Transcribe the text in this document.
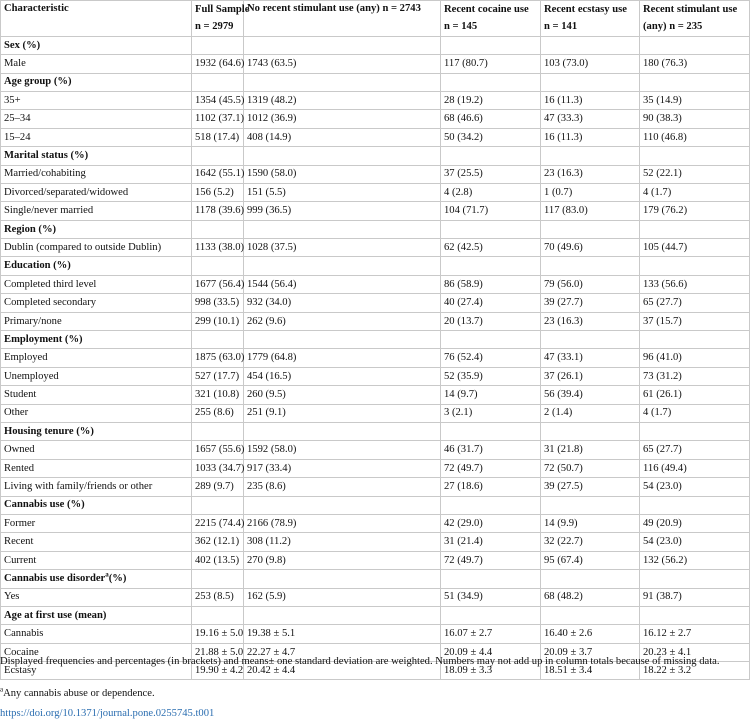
Characteristic	Full Sample	No recent stimulant use (any) n = 2743	Recent cocaine use	Recent ecstasy use	Recent stimulant use
	n = 2979		n = 145	n = 141	(any) n = 235
Sex (%)					
Male	1932 (64.6)	1743 (63.5)	117 (80.7)	103 (73.0)	180 (76.3)
Age group (%)					
35+	1354 (45.5)	1319 (48.2)	28 (19.2)	16 (11.3)	35 (14.9)
25–34	1102 (37.1)	1012 (36.9)	68 (46.6)	47 (33.3)	90 (38.3)
15–24	518 (17.4)	408 (14.9)	50 (34.2)	16 (11.3)	110 (46.8)
Marital status (%)					
Married/cohabiting	1642 (55.1)	1590 (58.0)	37 (25.5)	23 (16.3)	52 (22.1)
Divorced/separated/widowed	156 (5.2)	151 (5.5)	4 (2.8)	1 (0.7)	4 (1.7)
Single/never married	1178 (39.6)	999 (36.5)	104 (71.7)	117 (83.0)	179 (76.2)
Region (%)					
Dublin (compared to outside Dublin)	1133 (38.0)	1028 (37.5)	62 (42.5)	70 (49.6)	105 (44.7)
Education (%)					
Completed third level	1677 (56.4)	1544 (56.4)	86 (58.9)	79 (56.0)	133 (56.6)
Completed secondary	998 (33.5)	932 (34.0)	40 (27.4)	39 (27.7)	65 (27.7)
Primary/none	299 (10.1)	262 (9.6)	20 (13.7)	23 (16.3)	37 (15.7)
Employment (%)					
Employed	1875 (63.0)	1779 (64.8)	76 (52.4)	47 (33.1)	96 (41.0)
Unemployed	527 (17.7)	454 (16.5)	52 (35.9)	37 (26.1)	73 (31.2)
Student	321 (10.8)	260 (9.5)	14 (9.7)	56 (39.4)	61 (26.1)
Other	255 (8.6)	251 (9.1)	3 (2.1)	2 (1.4)	4 (1.7)
Housing tenure (%)					
Owned	1657 (55.6)	1592 (58.0)	46 (31.7)	31 (21.8)	65 (27.7)
Rented	1033 (34.7)	917 (33.4)	72 (49.7)	72 (50.7)	116 (49.4)
Living with family/friends or other	289 (9.7)	235 (8.6)	27 (18.6)	39 (27.5)	54 (23.0)
Cannabis use (%)					
Former	2215 (74.4)	2166 (78.9)	42 (29.0)	14 (9.9)	49 (20.9)
Recent	362 (12.1)	308 (11.2)	31 (21.4)	32 (22.7)	54 (23.0)
Current	402 (13.5)	270 (9.8)	72 (49.7)	95 (67.4)	132 (56.2)
Cannabis use disorder$^a$(%)					
Yes	253 (8.5)	162 (5.9)	51 (34.9)	68 (48.2)	91 (38.7)
Age at first use (mean)					
Cannabis	19.16 ± 5.0	19.38 ± 5.1	16.07 ± 2.7	16.40 ± 2.6	16.12 ± 2.7
Cocaine	21.88 ± 5.0	22.27 ± 4.7	20.09 ± 4.4	20.09 ± 3.7	20.23 ± 4.1
Ecstasy	19.90 ± 4.2	20.42 ± 4.4	18.09 ± 3.3	18.51 ± 3.4	18.22 ± 3.2
Displayed frequencies and percentages (in brackets) and means± one standard deviation are weighted. Numbers may not add up in column totals because of missing data.
$^a$Any cannabis abuse or dependence.
https://doi.org/10.1371/journal.pone.0255745.t001
